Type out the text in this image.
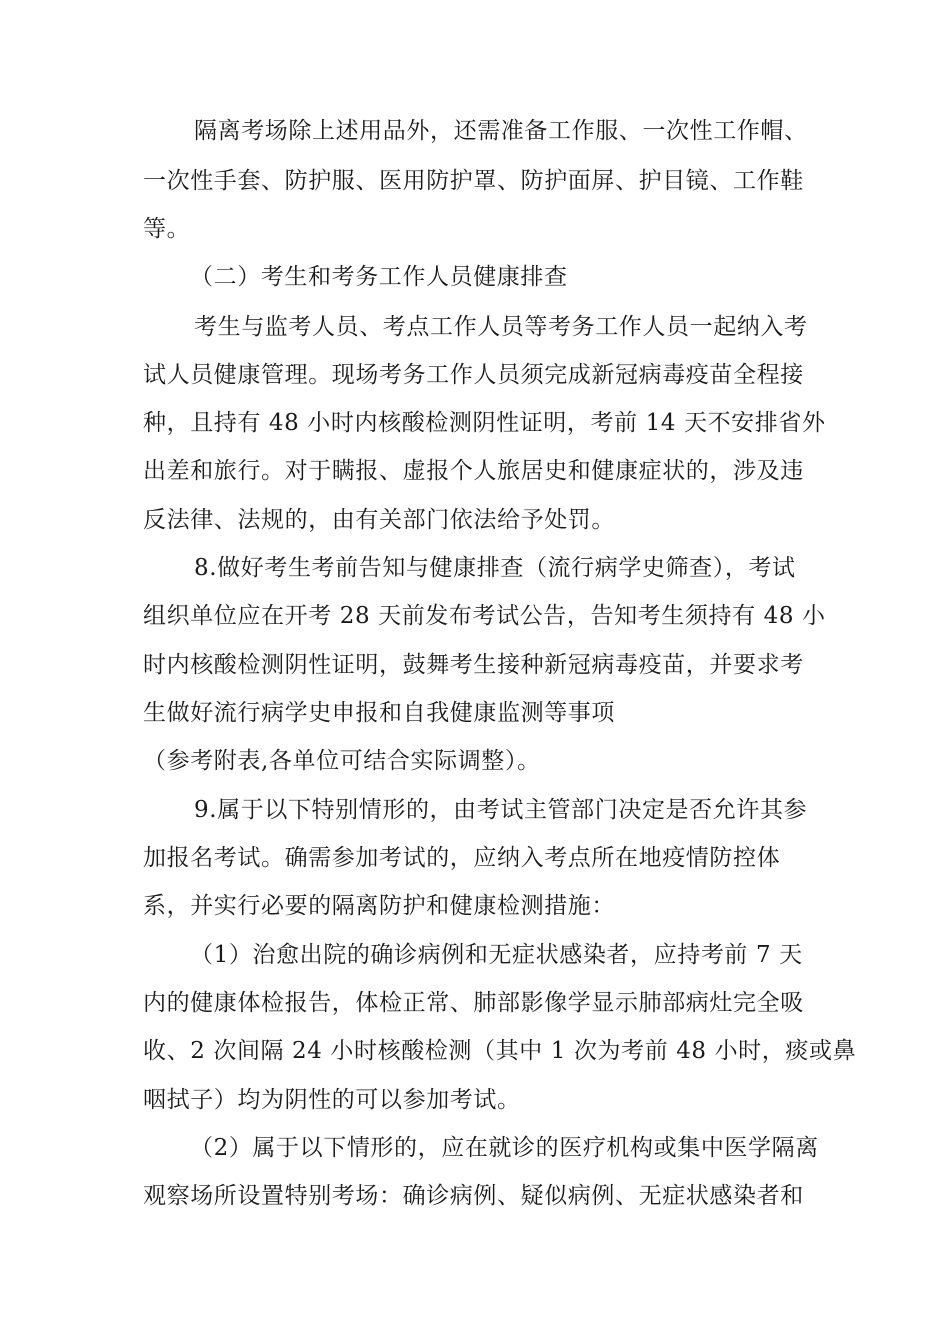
隔离考场除上述用品外，还需准备工作服、一次性工作帽、
一次性手套、防护服、医用防护罩、防护面屏、护目镜、工作鞋
等。
（二）考生和考务工作人员健康排查
考生与监考人员、考点工作人员等考务工作人员一起纳入考
试人员健康管理。现场考务工作人员须完成新冠病毒疫苗全程接
种，且持有 48 小时内核酸检测阴性证明，考前 14 天不安排省外
出差和旅行。对于瞒报、虚报个人旅居史和健康症状的，涉及违
反法律、法规的，由有关部门依法给予处罚。
8.做好考生考前告知与健康排查（流行病学史筛查），考试
组织单位应在开考 28 天前发布考试公告，告知考生须持有 48 小
时内核酸检测阴性证明，鼓舞考生接种新冠病毒疫苗，并要求考
生做好流行病学史申报和自我健康监测等事项
（参考附表,各单位可结合实际调整）。
9.属于以下特别情形的，由考试主管部门决定是否允许其参
加报名考试。确需参加考试的，应纳入考点所在地疫情防控体
系，并实行必要的隔离防护和健康检测措施：
（1）治愈出院的确诊病例和无症状感染者，应持考前 7 天
内的健康体检报告，体检正常、肺部影像学显示肺部病灶完全吸
收、2 次间隔 24 小时核酸检测（其中 1 次为考前 48 小时，痰或鼻
咽拭子）均为阴性的可以参加考试。
（2）属于以下情形的，应在就诊的医疗机构或集中医学隔离
观察场所设置特别考场：确诊病例、疑似病例、无症状感染者和
